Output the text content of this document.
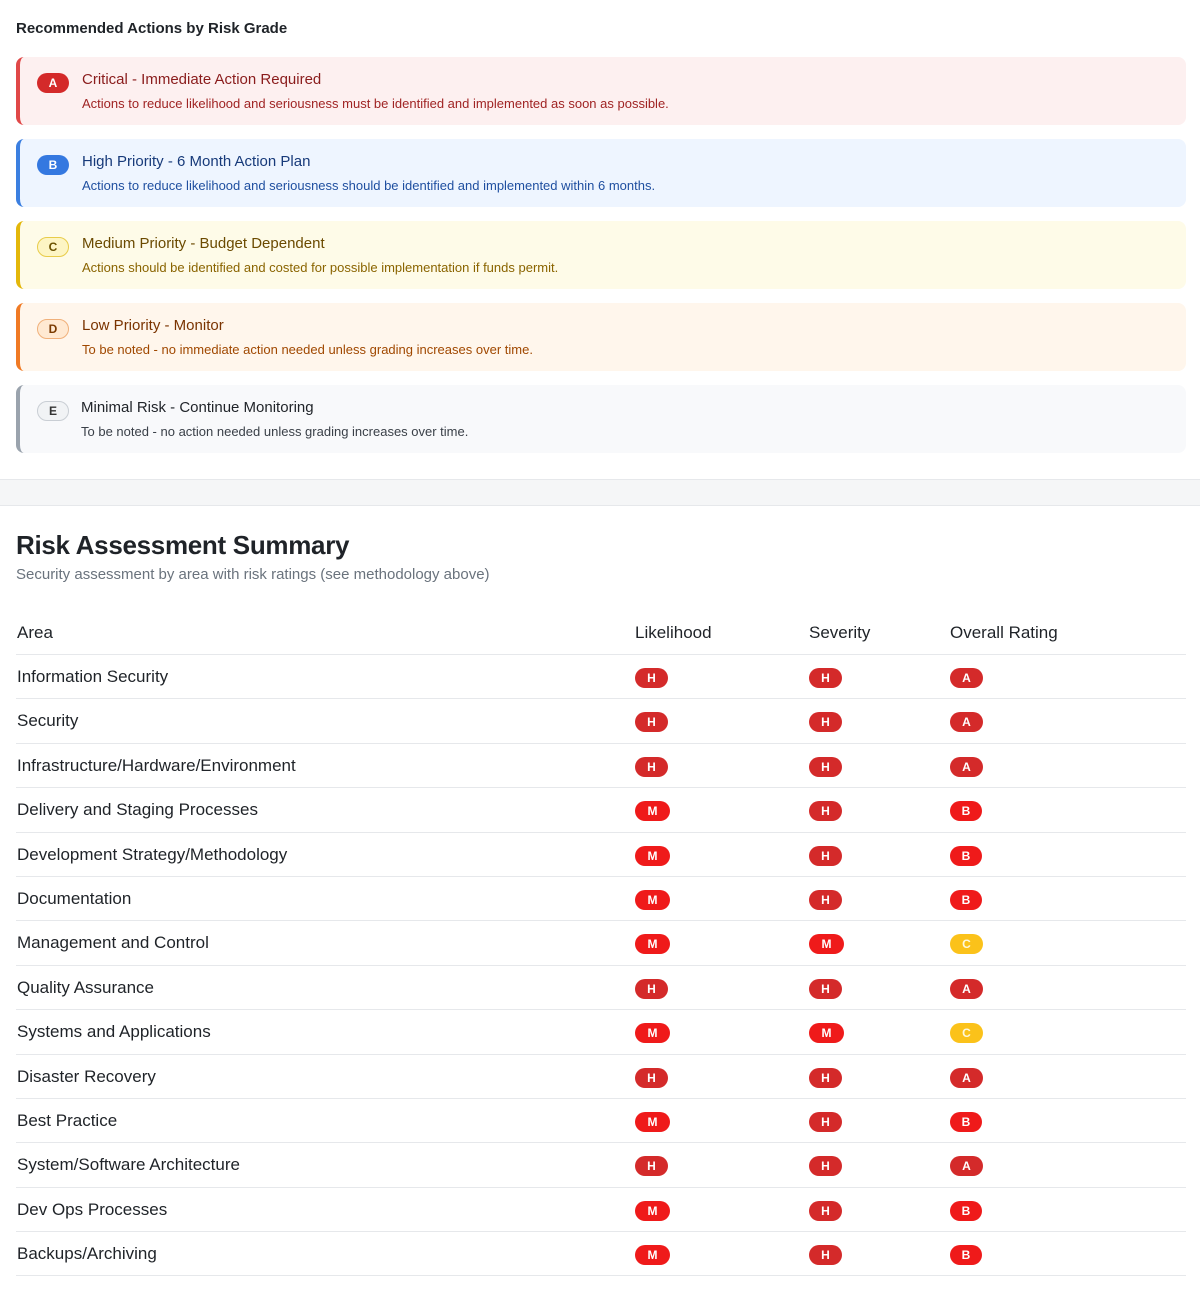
Recommended Actions by Risk Grade
A	Critical - Immediate Action Required
Actions to reduce likelihood and seriousness must be identified and implemented as soon as possible.
B	High Priority - 6 Month Action Plan
Actions to reduce likelihood and seriousness should be identified and implemented within 6 months.
C	Medium Priority - Budget Dependent
Actions should be identified and costed for possible implementation if funds permit.
D	Low Priority - Monitor
To be noted - no immediate action needed unless grading increases over time.
E	Minimal Risk - Continue Monitoring
To be noted - no action needed unless grading increases over time.
Risk Assessment Summary

Security assessment by area with risk ratings (see methodology above)

Area	Likelihood	Severity	Overall Rating
Information Security	H	H	A
Security	H	H	A
Infrastructure/Hardware/Environment	H	H	A
Delivery and Staging Processes	M	H	B
Development Strategy/Methodology	M	H	B
Documentation	M	H	B
Management and Control	M	M	C
Quality Assurance	H	H	A
Systems and Applications	M	M	C
Disaster Recovery	H	H	A
Best Practice	M	H	B
System/Software Architecture	H	H	A
Dev Ops Processes	M	H	B
Backups/Archiving	M	H	B
